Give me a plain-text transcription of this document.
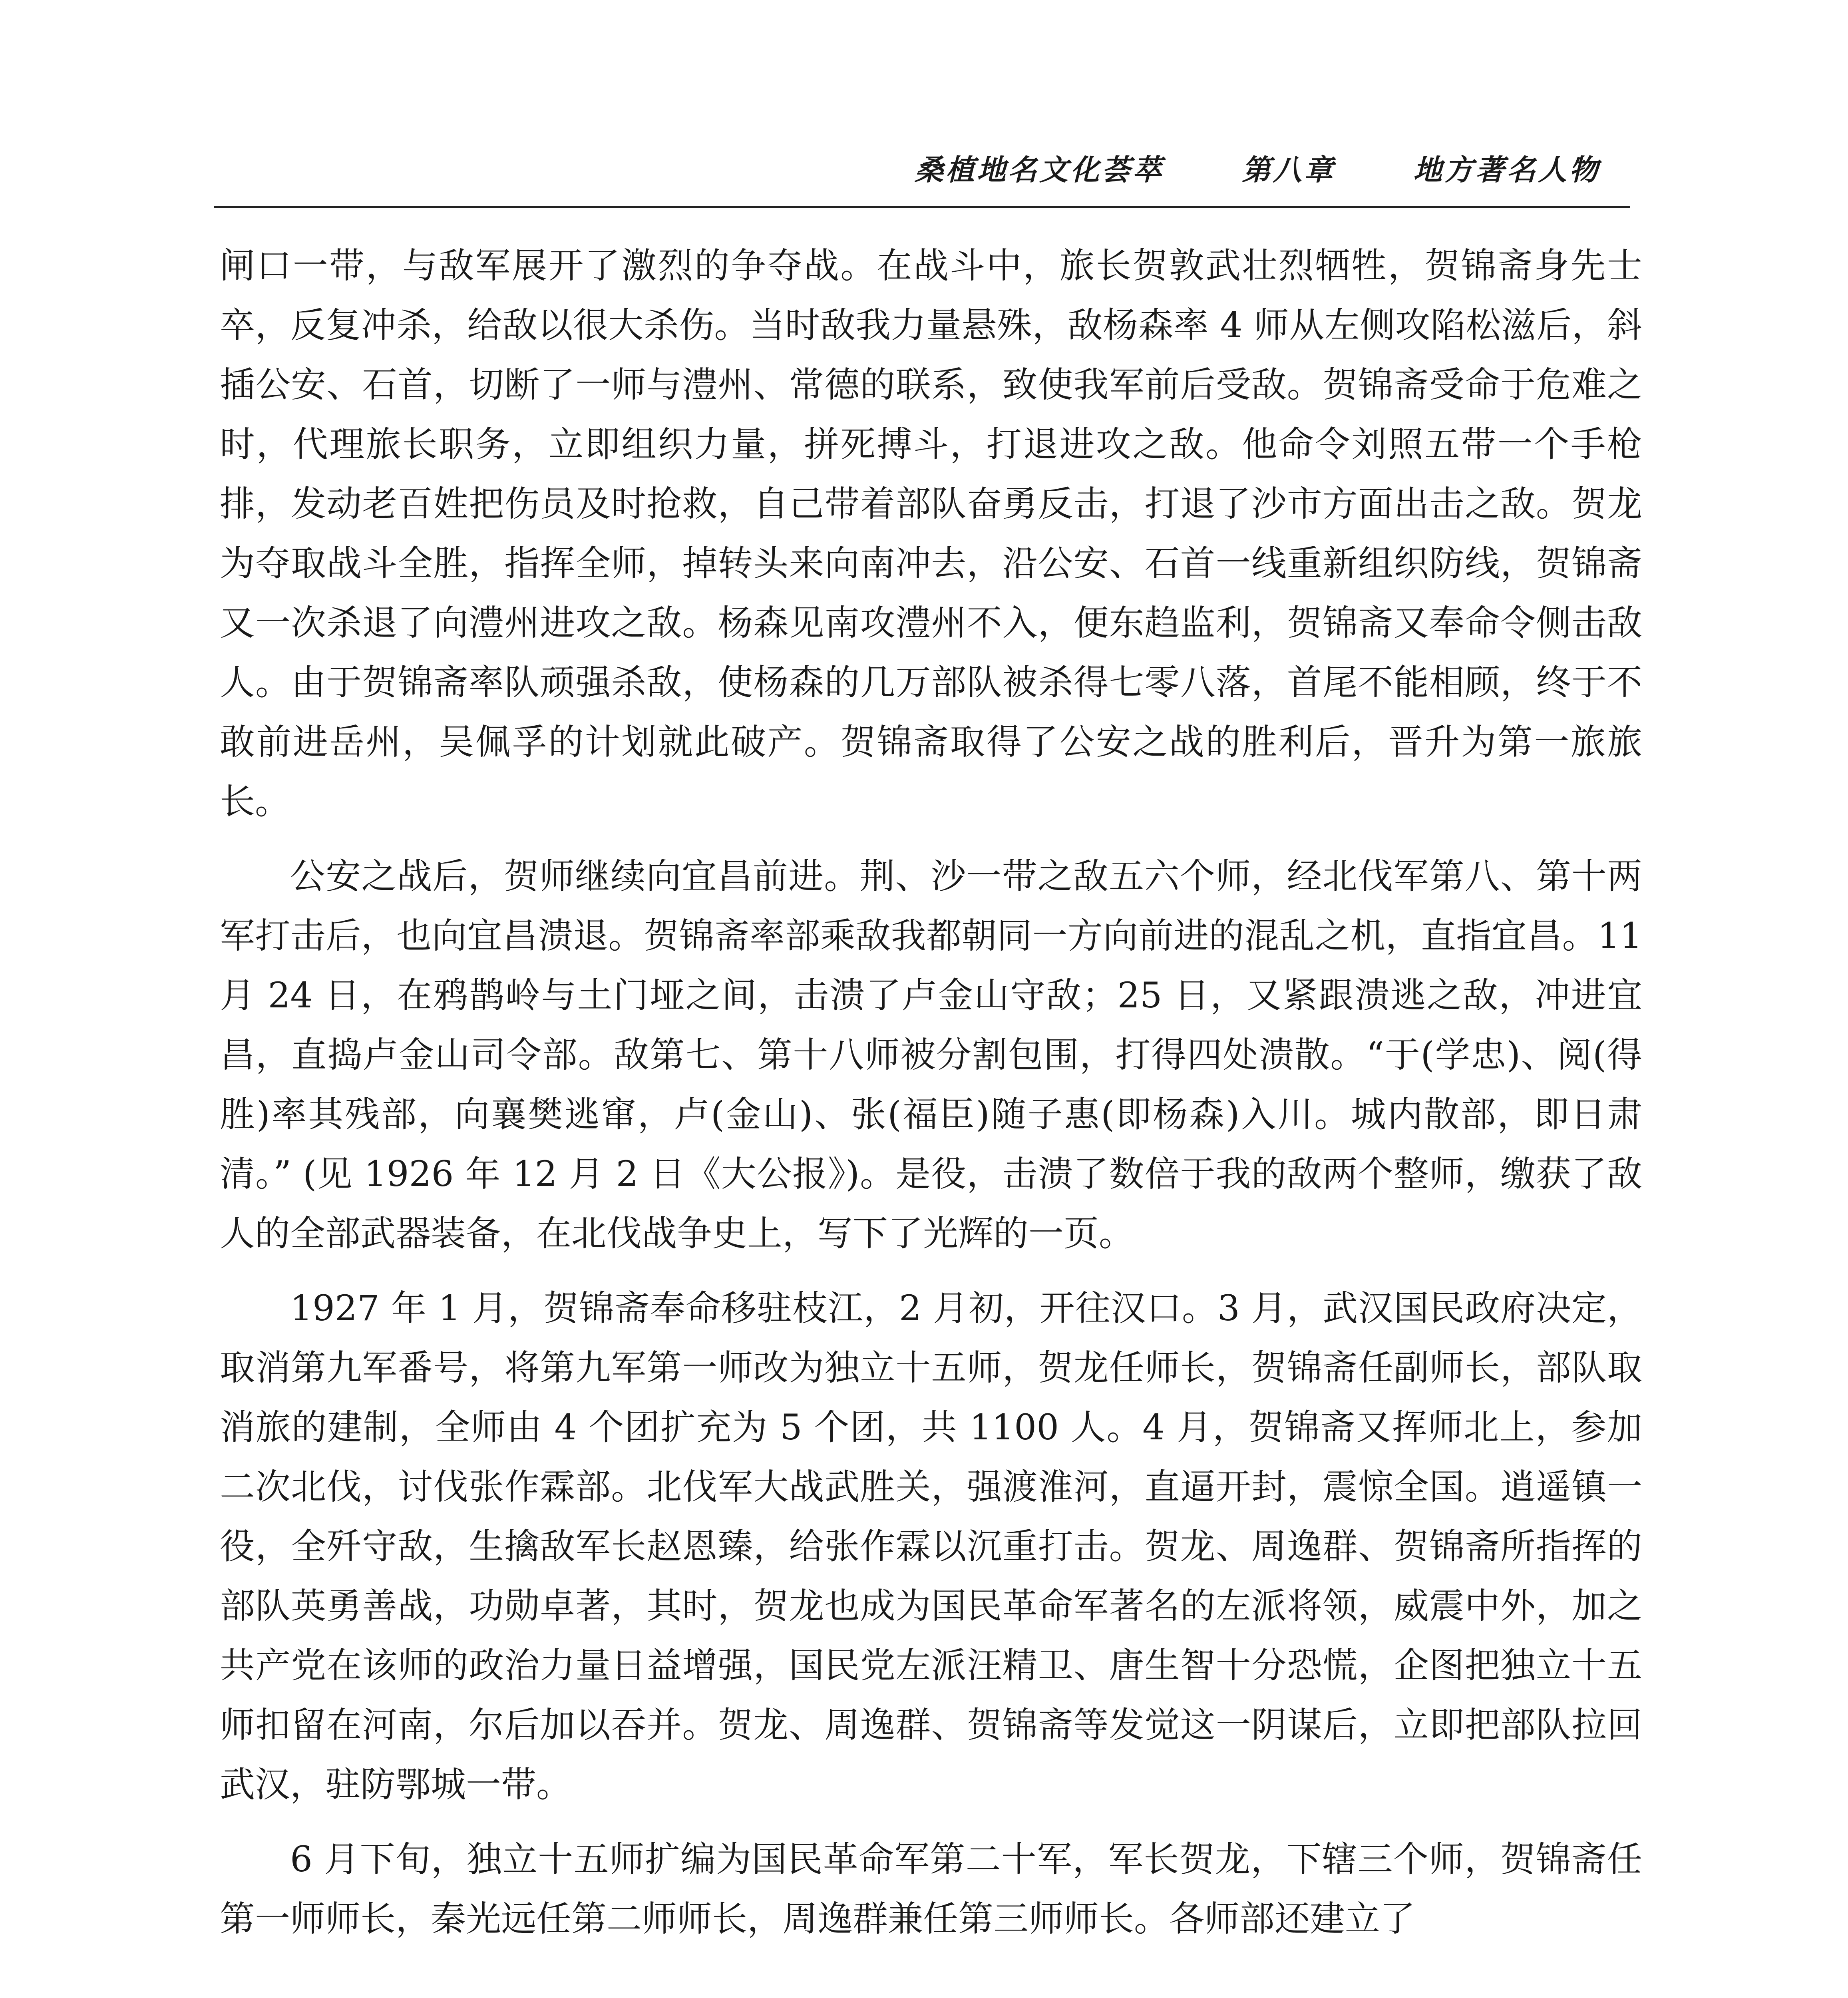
桑植地名文化荟萃	第八章	地方著名人物

闸口一带，与敌军展开了激烈的争夺战。在战斗中，旅长贺敦武壮烈牺牲，贺锦斋身先士卒，反复冲杀，给敌以很大杀伤。当时敌我力量悬殊，敌杨森率 4 师从左侧攻陷松滋后，斜插公安、石首，切断了一师与澧州、常德的联系，致使我军前后受敌。贺锦斋受命于危难之时，代理旅长职务，立即组织力量，拼死搏斗，打退进攻之敌。他命令刘照五带一个手枪排，发动老百姓把伤员及时抢救，自己带着部队奋勇反击，打退了沙市方面出击之敌。贺龙为夺取战斗全胜，指挥全师，掉转头来向南冲去，沿公安、石首一线重新组织防线，贺锦斋又一次杀退了向澧州进攻之敌。杨森见南攻澧州不入，便东趋监利，贺锦斋又奉命令侧击敌人。由于贺锦斋率队顽强杀敌，使杨森的几万部队被杀得七零八落，首尾不能相顾，终于不敢前进岳州，吴佩孚的计划就此破产。贺锦斋取得了公安之战的胜利后，晋升为第一旅旅长。

公安之战后，贺师继续向宜昌前进。荆、沙一带之敌五六个师，经北伐军第八、第十两军打击后，也向宜昌溃退。贺锦斋率部乘敌我都朝同一方向前进的混乱之机，直指宜昌。11 月 24 日，在鸦鹊岭与土门垭之间，击溃了卢金山守敌；25 日，又紧跟溃逃之敌，冲进宜昌，直捣卢金山司令部。敌第七、第十八师被分割包围，打得四处溃散。“于(学忠)、阅(得胜)率其残部，向襄樊逃窜，卢(金山)、张(福臣)随子惠(即杨森)入川。城内散部，即日肃清。” (见 1926 年 12 月 2 日《大公报》)。是役，击溃了数倍于我的敌两个整师，缴获了敌人的全部武器装备，在北伐战争史上，写下了光辉的一页。

1927 年 1 月，贺锦斋奉命移驻枝江，2 月初，开往汉口。3 月，武汉国民政府决定，取消第九军番号，将第九军第一师改为独立十五师，贺龙任师长，贺锦斋任副师长，部队取消旅的建制，全师由 4 个团扩充为 5 个团，共 1100 人。4 月，贺锦斋又挥师北上，参加二次北伐，讨伐张作霖部。北伐军大战武胜关，强渡淮河，直逼开封，震惊全国。逍遥镇一役，全歼守敌，生擒敌军长赵恩臻，给张作霖以沉重打击。贺龙、周逸群、贺锦斋所指挥的部队英勇善战，功勋卓著，其时，贺龙也成为国民革命军著名的左派将领，威震中外，加之共产党在该师的政治力量日益增强，国民党左派汪精卫、唐生智十分恐慌，企图把独立十五师扣留在河南，尔后加以吞并。贺龙、周逸群、贺锦斋等发觉这一阴谋后，立即把部队拉回武汉，驻防鄂城一带。

6 月下旬，独立十五师扩编为国民革命军第二十军，军长贺龙，下辖三个师，贺锦斋任第一师师长，秦光远任第二师师长，周逸群兼任第三师师长。各师部还建立了
